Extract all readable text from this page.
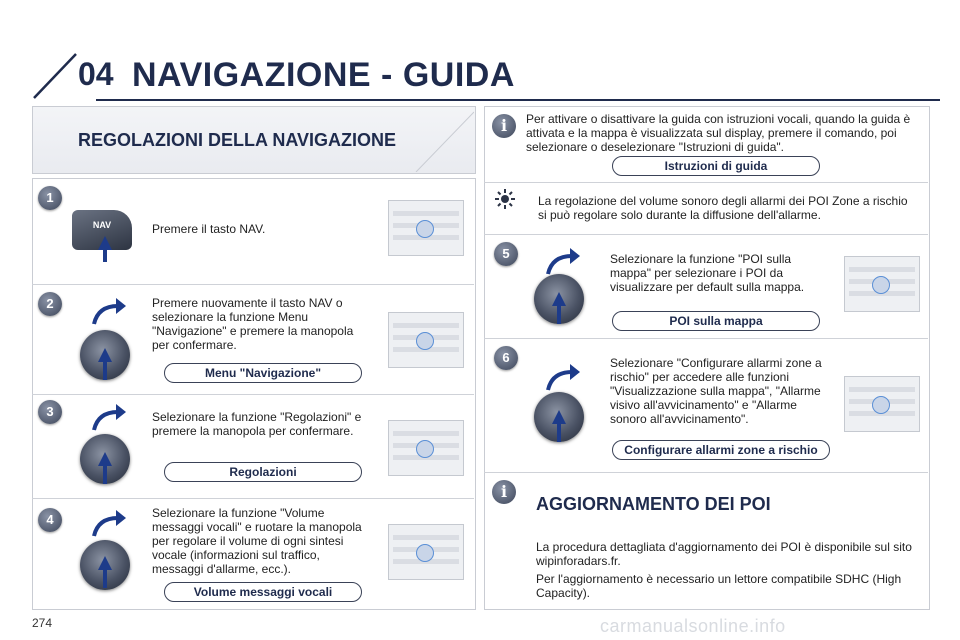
04 NAVIGAZIONE - GUIDA
REGOLAZIONI DELLA NAVIGAZIONE
1
NAV	Premere il tasto NAV.
2	Premere nuovamente il tasto NAV o selezionare la funzione Menu "Navigazione" e premere la manopola per confermare.
Menu "Navigazione"
3	Selezionare la funzione "Regolazioni" e premere la manopola per confermare.
Regolazioni
4	Selezionare la funzione "Volume messaggi vocali" e ruotare la manopola per regolare il volume di ogni sintesi vocale (informazioni sul traffico, messaggi d'allarme, ecc.).
Volume messaggi vocali
i	Per attivare o disattivare la guida con istruzioni vocali, quando la guida è attivata e la mappa è visualizzata sul display, premere il comando, poi selezionare o deselezionare "Istruzioni di guida".
Istruzioni di guida
La regolazione del volume sonoro degli allarmi dei POI Zone a rischio si può regolare solo durante la diffusione dell'allarme.
5	Selezionare la funzione "POI sulla mappa" per selezionare i POI da visualizzare per default sulla mappa.
POI sulla mappa
6	Selezionare "Configurare allarmi zone a rischio" per accedere alle funzioni "Visualizzazione sulla mappa", "Allarme visivo all'avvicinamento" e "Allarme sonoro all'avvicinamento".
Configurare allarmi zone a rischio
i
AGGIORNAMENTO DEI POI
La procedura dettagliata d'aggiornamento dei POI è disponibile sul sito wipinforadars.fr.
Per l'aggiornamento è necessario un lettore compatibile SDHC (High Capacity).
274	carmanualsonline.info
